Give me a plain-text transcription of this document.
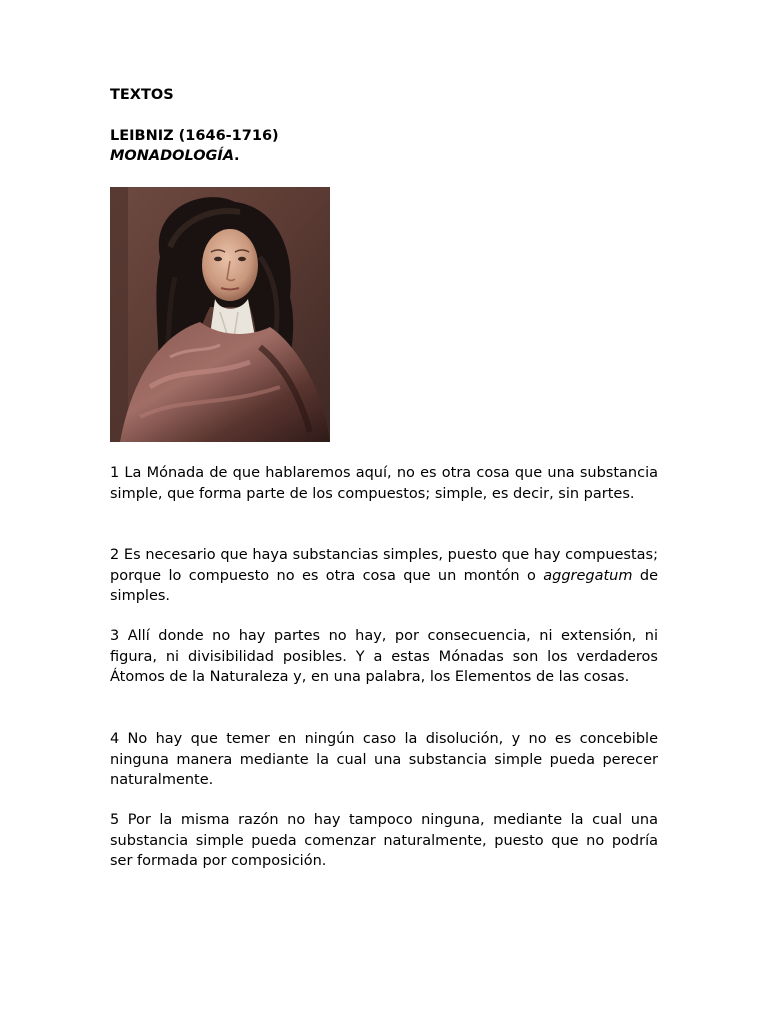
TEXTOS
LEIBNIZ (1646-1716)
MONADOLOGÍA.

1 La Mónada de que hablaremos aquí, no es otra cosa que una substancia simple, que forma parte de los compuestos; simple, es decir, sin partes.

2 Es necesario que haya substancias simples, puesto que hay compuestas; porque lo compuesto no es otra cosa que un montón o aggregatum de simples.

3 Allí donde no hay partes no hay, por consecuencia, ni extensión, ni figura, ni divisibilidad posibles. Y a estas Mónadas son los verdaderos Átomos de la Naturaleza y, en una palabra, los Elementos de las cosas.

4 No hay que temer en ningún caso la disolución, y no es concebible ninguna manera mediante la cual una substancia simple pueda perecer naturalmente.

5 Por la misma razón no hay tampoco ninguna, mediante la cual una substancia simple pueda comenzar naturalmente, puesto que no podría ser formada por composición.
